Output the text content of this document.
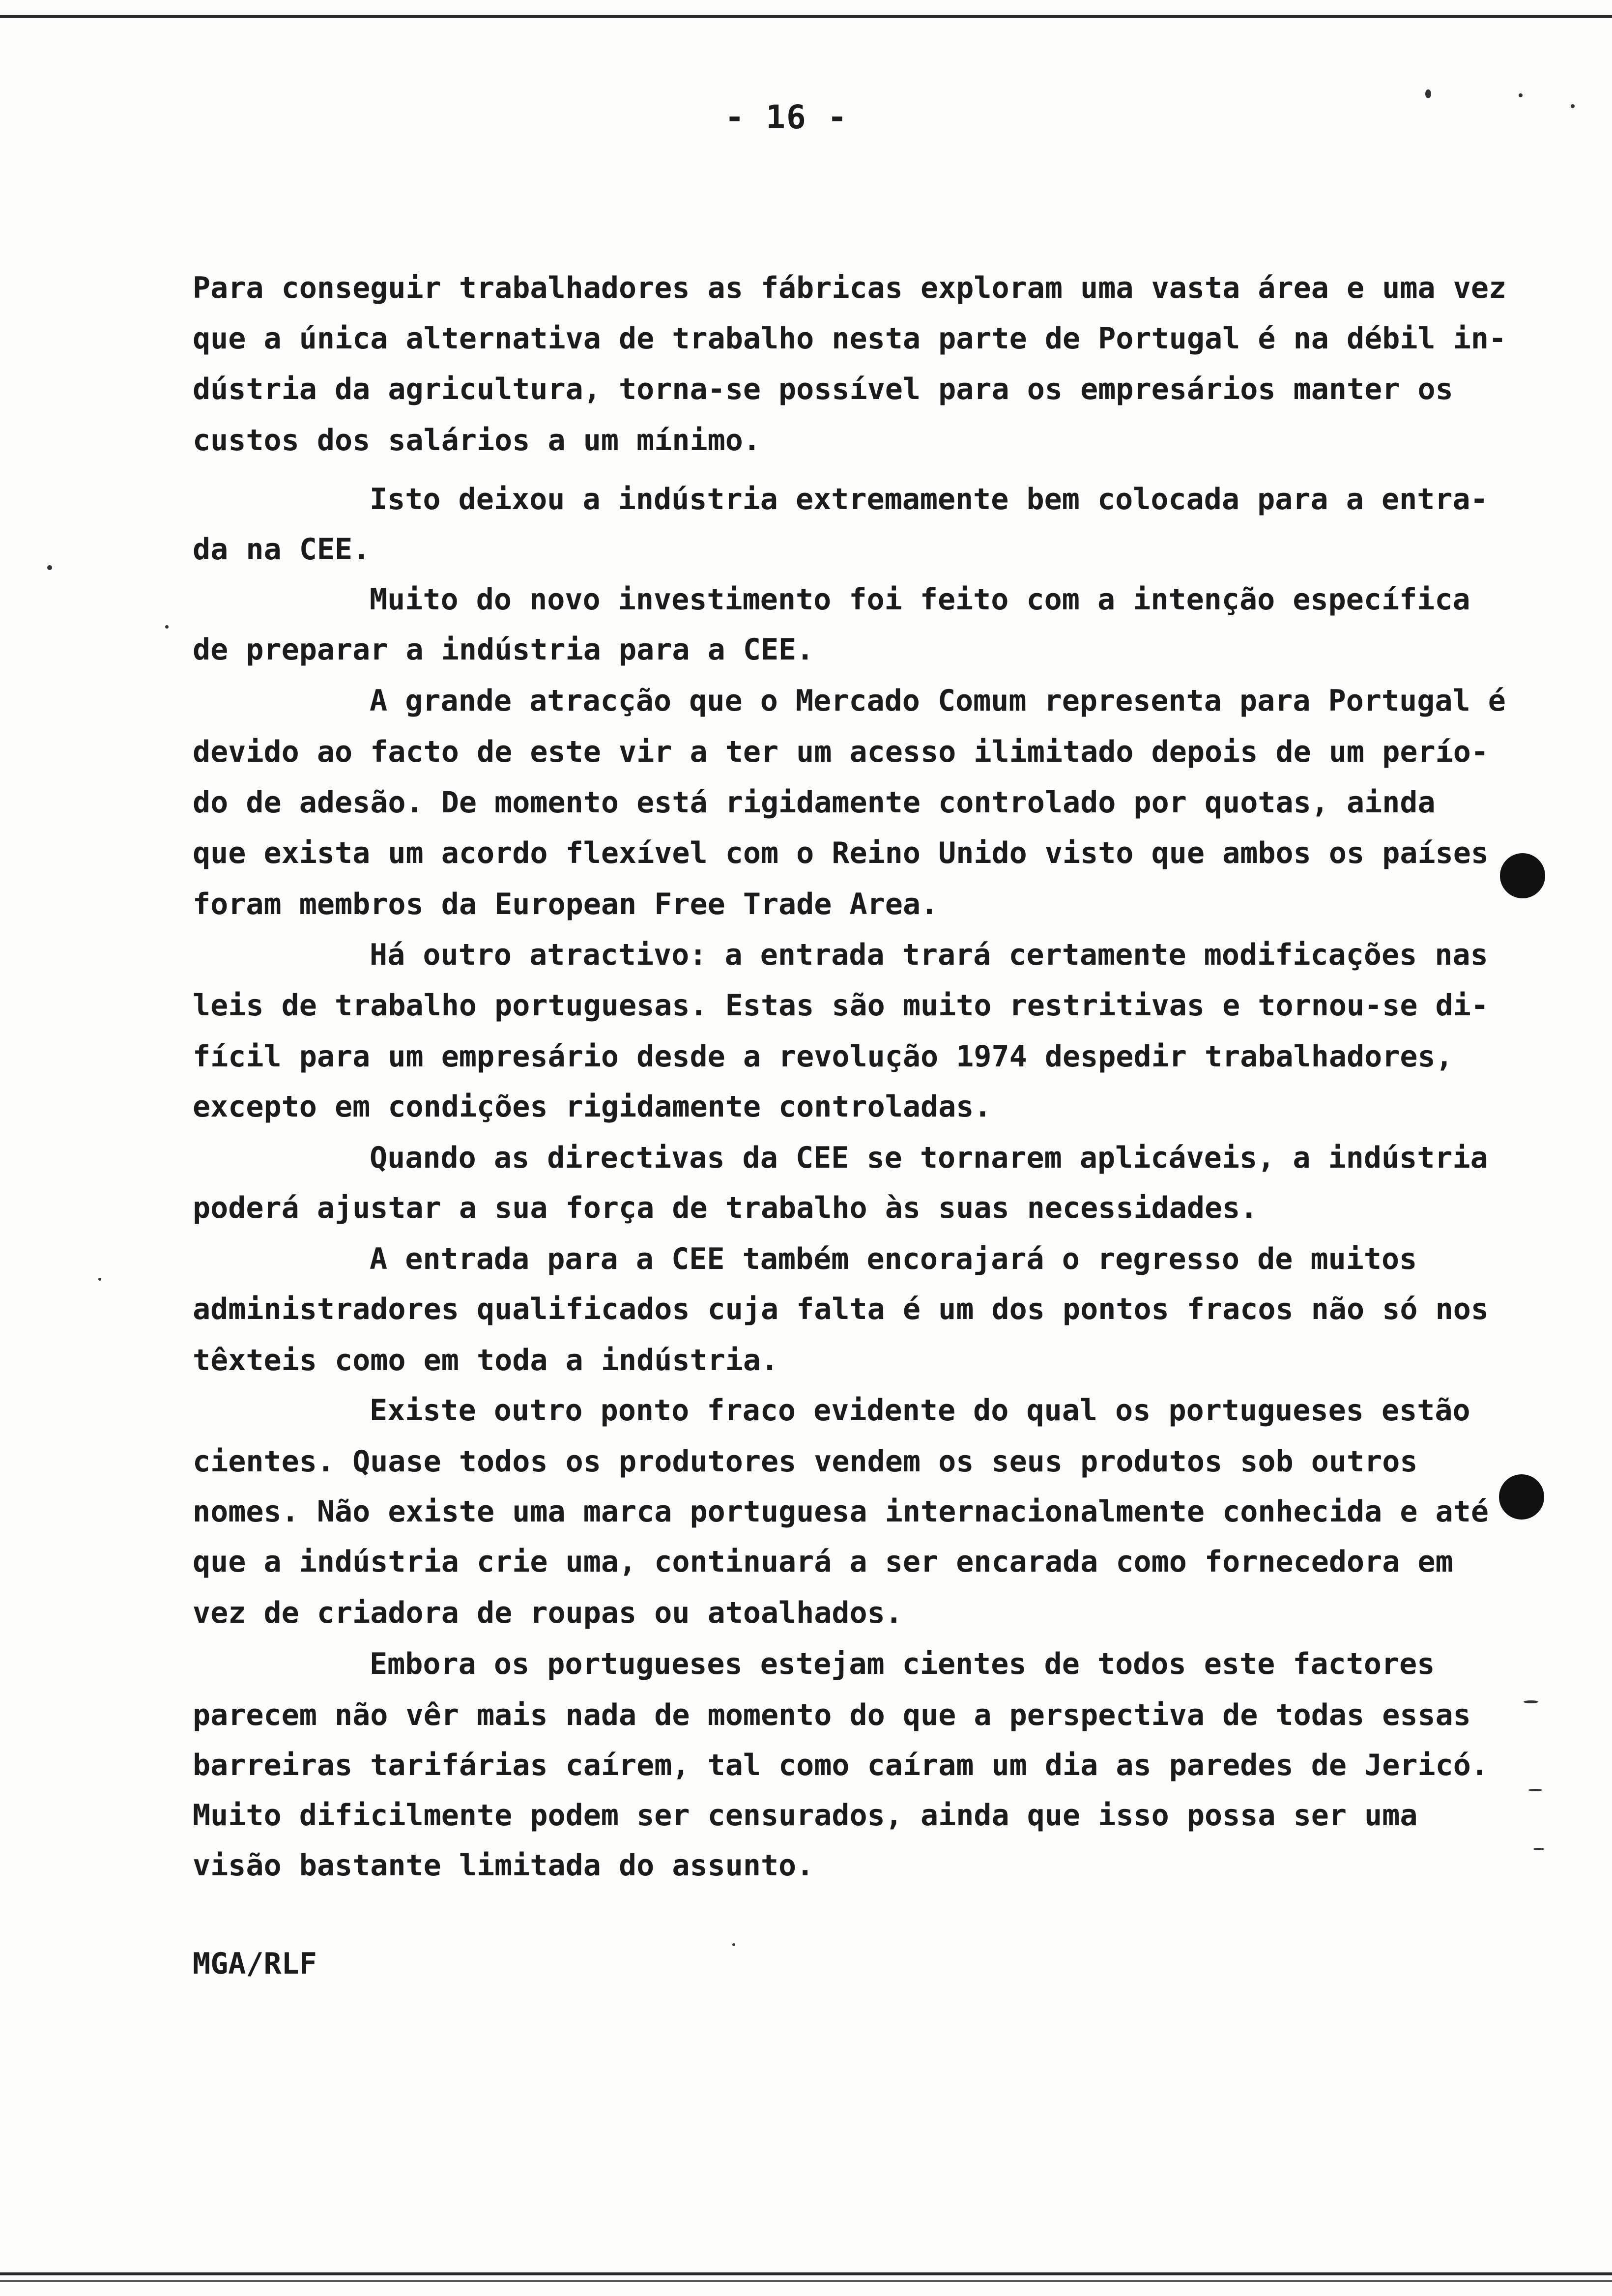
- 16 -
Para conseguir trabalhadores as fábricas exploram uma vasta área e uma vez
que a única alternativa de trabalho nesta parte de Portugal é na débil in-
dústria da agricultura, torna-se possível para os empresários manter os
custos dos salários a um mínimo.
Isto deixou a indústria extremamente bem colocada para a entra-
da na CEE.
Muito do novo investimento foi feito com a intenção específica
de preparar a indústria para a CEE.
A grande atracção que o Mercado Comum representa para Portugal é
devido ao facto de este vir a ter um acesso ilimitado depois de um perío-
do de adesão. De momento está rigidamente controlado por quotas, ainda
que exista um acordo flexível com o Reino Unido visto que ambos os países
foram membros da European Free Trade Area.
Há outro atractivo: a entrada trará certamente modificações nas
leis de trabalho portuguesas. Estas são muito restritivas e tornou-se di-
fícil para um empresário desde a revolução 1974 despedir trabalhadores,
excepto em condições rigidamente controladas.
Quando as directivas da CEE se tornarem aplicáveis, a indústria
poderá ajustar a sua força de trabalho às suas necessidades.
A entrada para a CEE também encorajará o regresso de muitos
administradores qualificados cuja falta é um dos pontos fracos não só nos
têxteis como em toda a indústria.
Existe outro ponto fraco evidente do qual os portugueses estão
cientes. Quase todos os produtores vendem os seus produtos sob outros
nomes. Não existe uma marca portuguesa internacionalmente conhecida e até
que a indústria crie uma, continuará a ser encarada como fornecedora em
vez de criadora de roupas ou atoalhados.
Embora os portugueses estejam cientes de todos este factores
parecem não vêr mais nada de momento do que a perspectiva de todas essas
barreiras tarifárias caírem, tal como caíram um dia as paredes de Jericó.
Muito dificilmente podem ser censurados, ainda que isso possa ser uma
visão bastante limitada do assunto.
MGA/RLF
